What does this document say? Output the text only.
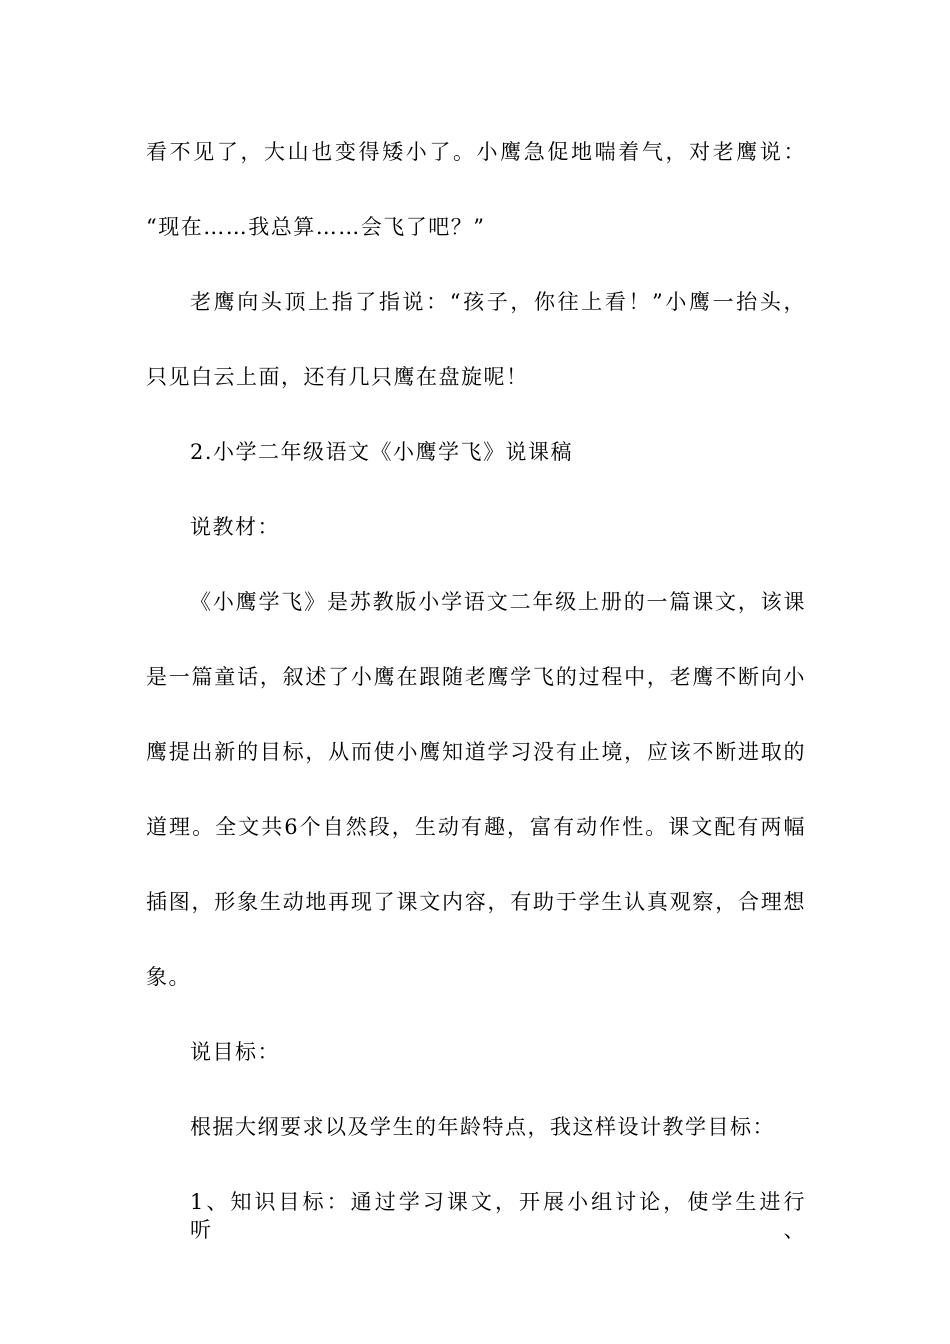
看不见了，大山也变得矮小了。小鹰急促地喘着气，对老鹰说：
“现在……我总算……会飞了吧？”
老鹰向头顶上指了指说：“孩子，你往上看！”小鹰一抬头，
只见白云上面，还有几只鹰在盘旋呢！
2.小学二年级语文《小鹰学飞》说课稿
说教材：
《小鹰学飞》是苏教版小学语文二年级上册的一篇课文，该课
是一篇童话，叙述了小鹰在跟随老鹰学飞的过程中，老鹰不断向小
鹰提出新的目标，从而使小鹰知道学习没有止境，应该不断进取的
道理。全文共6个自然段，生动有趣，富有动作性。课文配有两幅
插图，形象生动地再现了课文内容，有助于学生认真观察，合理想
象。
说目标：
根据大纲要求以及学生的年龄特点，我这样设计教学目标：
1、知识目标：通过学习课文，开展小组讨论，使学生进行听、
